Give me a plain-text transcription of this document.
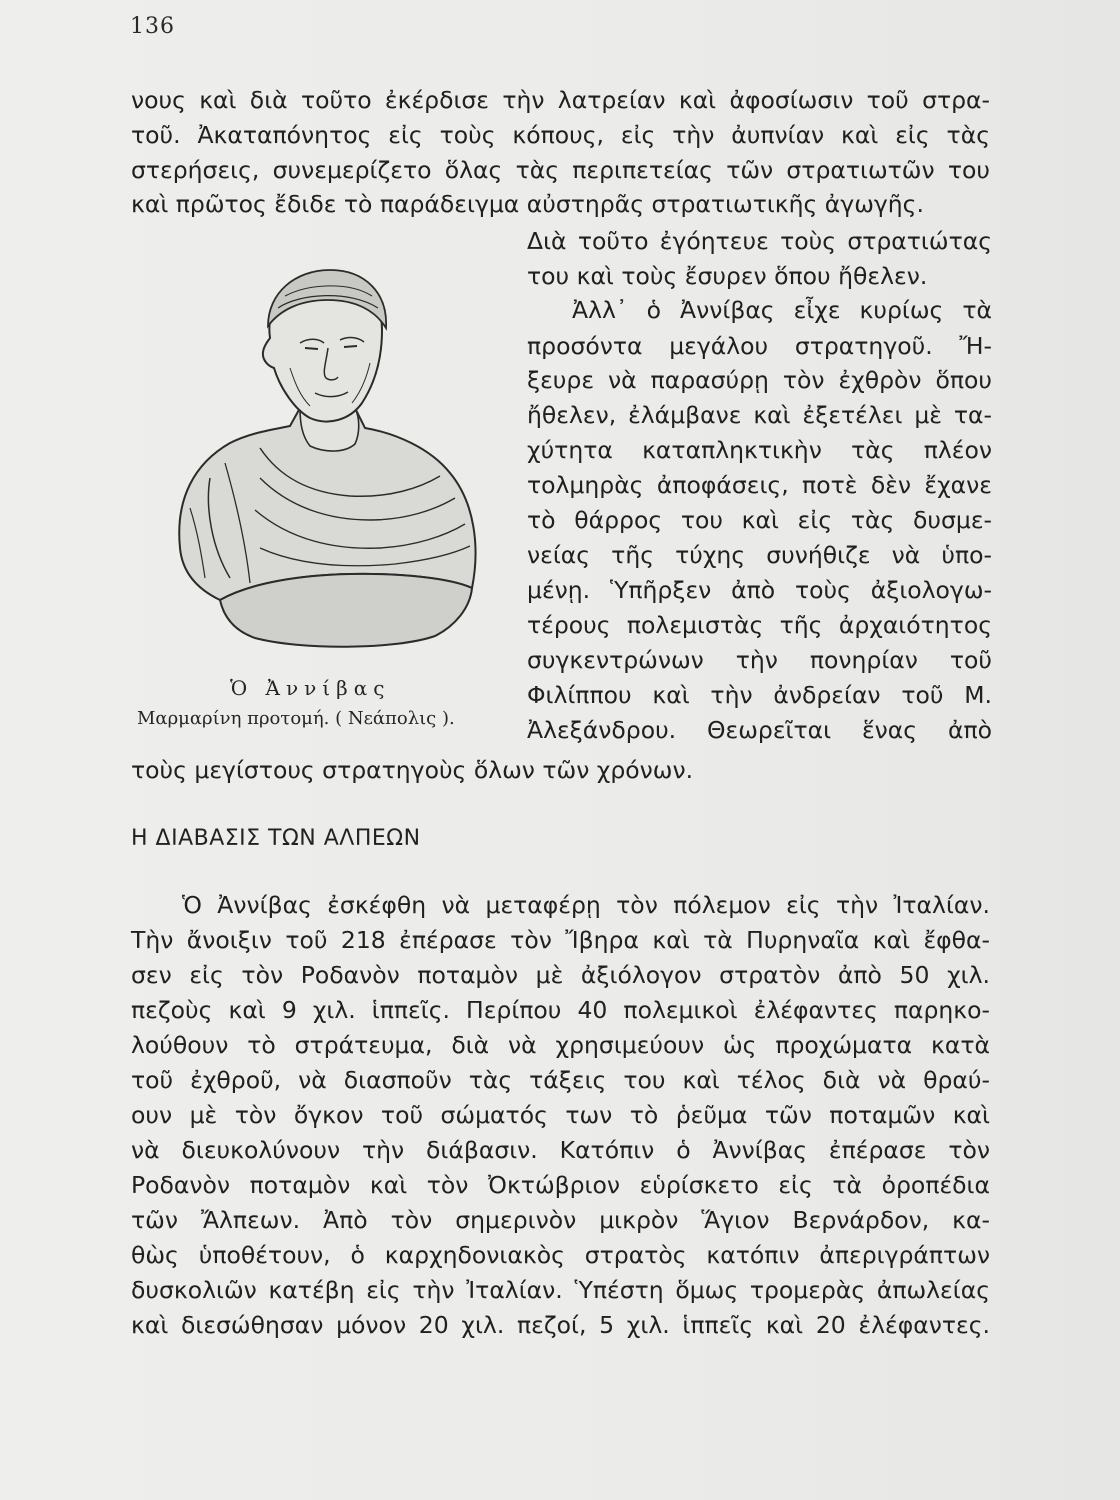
136
νους καὶ διὰ τοῦτο ἐκέρδισε τὴν λατρείαν καὶ ἀφοσίωσιν τοῦ στρα-
τοῦ. Ἀκαταπόνητος εἰς τοὺς κόπους, εἰς τὴν ἀυπνίαν καὶ εἰς τὰς
στερήσεις, συνεμερίζετο ὅλας τὰς περιπετείας τῶν στρατιωτῶν του
καὶ πρῶτος ἔδιδε τὸ παράδειγμα αὐστηρᾶς στρατιωτικῆς ἀγωγῆς.
Διὰ τοῦτο ἐγόητευε τοὺς στρατιώτας
του καὶ τοὺς ἔσυρεν ὅπου ἤθελεν.
Ἀλλ᾽ ὁ Ἀννίβας εἶχε κυρίως τὰ
προσόντα μεγάλου στρατηγοῦ. Ἤ-
ξευρε νὰ παρασύρῃ τὸν ἐχθρὸν ὅπου
ἤθελεν, ἐλάμβανε καὶ ἐξετέλει μὲ τα-
χύτητα καταπληκτικὴν τὰς πλέον
τολμηρὰς ἀποφάσεις, ποτὲ δὲν ἔχανε
τὸ θάρρος του καὶ εἰς τὰς δυσμε-
νείας τῆς τύχης συνήθιζε νὰ ὑπο-
μένῃ. Ὑπῆρξεν ἀπὸ τοὺς ἀξιολογω-
τέρους πολεμιστὰς τῆς ἀρχαιότητος
συγκεντρώνων τὴν πονηρίαν τοῦ
Φιλίππου καὶ τὴν ἀνδρείαν τοῦ Μ.
Ἀλεξάνδρου. Θεωρεῖται ἕνας ἀπὸ
Ὁ Ἀννίβας
Μαρμαρίνη προτομή. ( Νεάπολις ).
τοὺς μεγίστους στρατηγοὺς ὅλων τῶν χρόνων.
Η ΔΙΑΒΑΣΙΣ ΤΩΝ ΑΛΠΕΩΝ
Ὁ Ἀννίβας ἐσκέφθη νὰ μεταφέρῃ τὸν πόλεμον εἰς τὴν Ἰταλίαν.
Τὴν ἄνοιξιν τοῦ 218 ἐπέρασε τὸν Ἴβηρα καὶ τὰ Πυρηναῖα καὶ ἔφθα-
σεν εἰς τὸν Ροδανὸν ποταμὸν μὲ ἀξιόλογον στρατὸν ἀπὸ 50 χιλ.
πεζοὺς καὶ 9 χιλ. ἱππεῖς. Περίπου 40 πολεμικοὶ ἐλέφαντες παρηκο-
λούθουν τὸ στράτευμα, διὰ νὰ χρησιμεύουν ὡς προχώματα κατὰ
τοῦ ἐχθροῦ, νὰ διασποῦν τὰς τάξεις του καὶ τέλος διὰ νὰ θραύ-
ουν μὲ τὸν ὄγκον τοῦ σώματός των τὸ ῥεῦμα τῶν ποταμῶν καὶ
νὰ διευκολύνουν τὴν διάβασιν. Κατόπιν ὁ Ἀννίβας ἐπέρασε τὸν
Ροδανὸν ποταμὸν καὶ τὸν Ὀκτώβριον εὑρίσκετο εἰς τὰ ὀροπέδια
τῶν Ἄλπεων. Ἀπὸ τὸν σημερινὸν μικρὸν Ἅγιον Βερνάρδον, κα-
θὼς ὑποθέτουν, ὁ καρχηδονιακὸς στρατὸς κατόπιν ἀπεριγράπτων
δυσκολιῶν κατέβη εἰς τὴν Ἰταλίαν. Ὑπέστη ὅμως τρομερὰς ἀπωλείας
καὶ διεσώθησαν μόνον 20 χιλ. πεζοί, 5 χιλ. ἱππεῖς καὶ 20 ἐλέφαντες.
